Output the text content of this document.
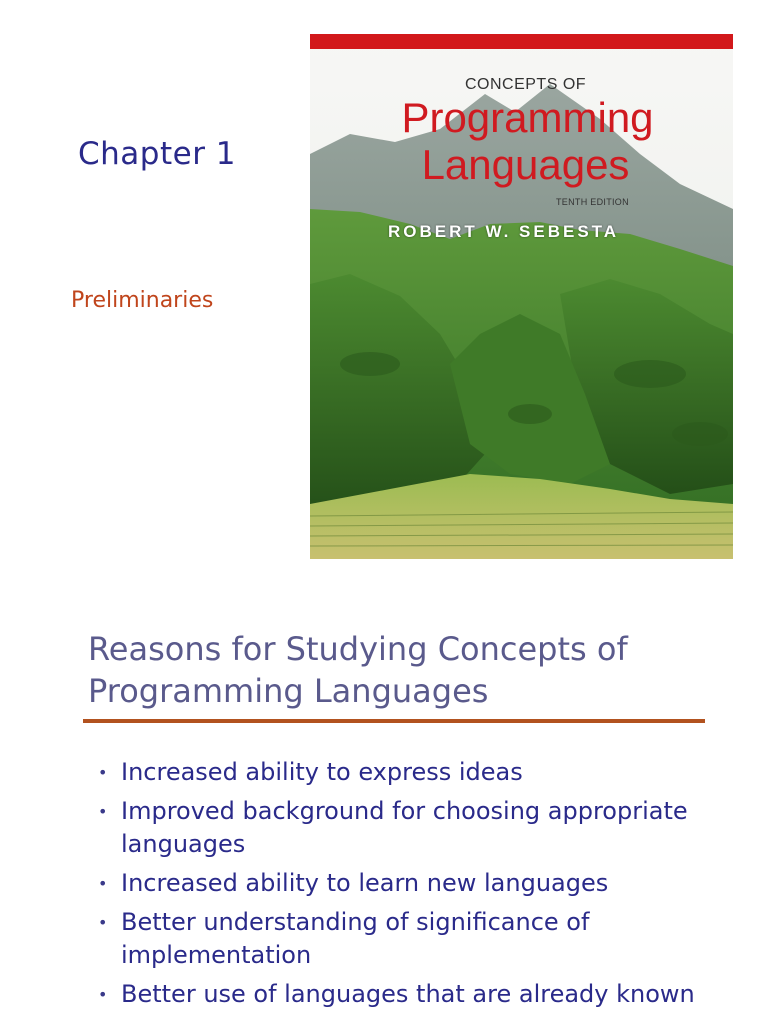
Chapter 1
Preliminaries
CONCEPTS OF
Programming
Languages
TENTH EDITION
ROBERT W. SEBESTA
Reasons for Studying Concepts of Programming Languages
• Increased ability to express ideas
• Improved background for choosing appropriate languages
• Increased ability to learn new languages
• Better understanding of significance of implementation
• Better use of languages that are already known
